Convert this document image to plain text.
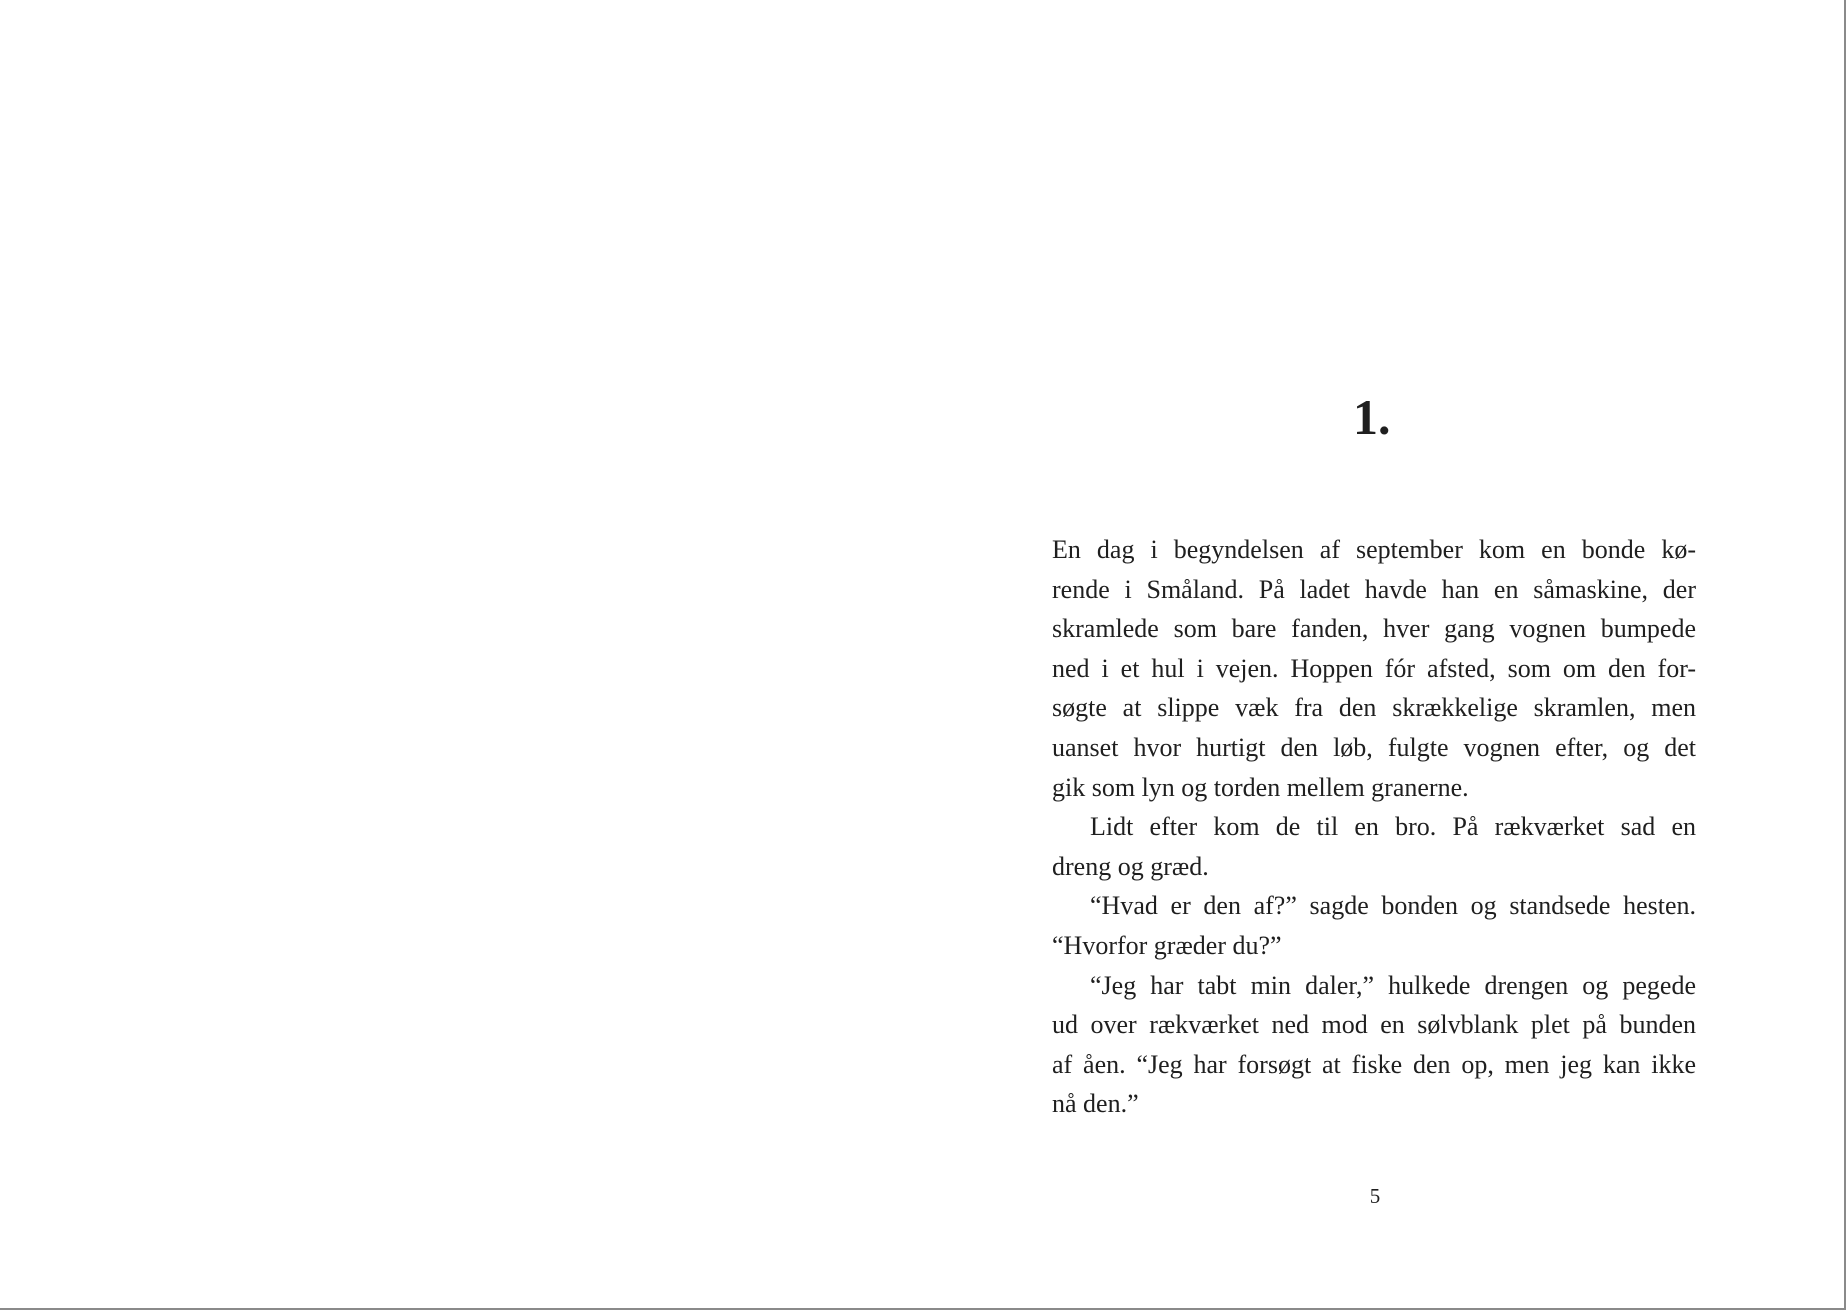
1.
En dag i begyndelsen af september kom en bonde kø-
rende i Småland. På ladet havde han en såmaskine, der
skramlede som bare fanden, hver gang vognen bumpede
ned i et hul i vejen. Hoppen fór afsted, som om den for-
søgte at slippe væk fra den skrækkelige skramlen, men
uanset hvor hurtigt den løb, fulgte vognen efter, og det
gik som lyn og torden mellem granerne.
Lidt efter kom de til en bro. På rækværket sad en
dreng og græd.
“Hvad er den af?” sagde bonden og standsede hesten.
“Hvorfor græder du?”
“Jeg har tabt min daler,” hulkede drengen og pegede
ud over rækværket ned mod en sølvblank plet på bunden
af åen. “Jeg har forsøgt at fiske den op, men jeg kan ikke
nå den.”
5
